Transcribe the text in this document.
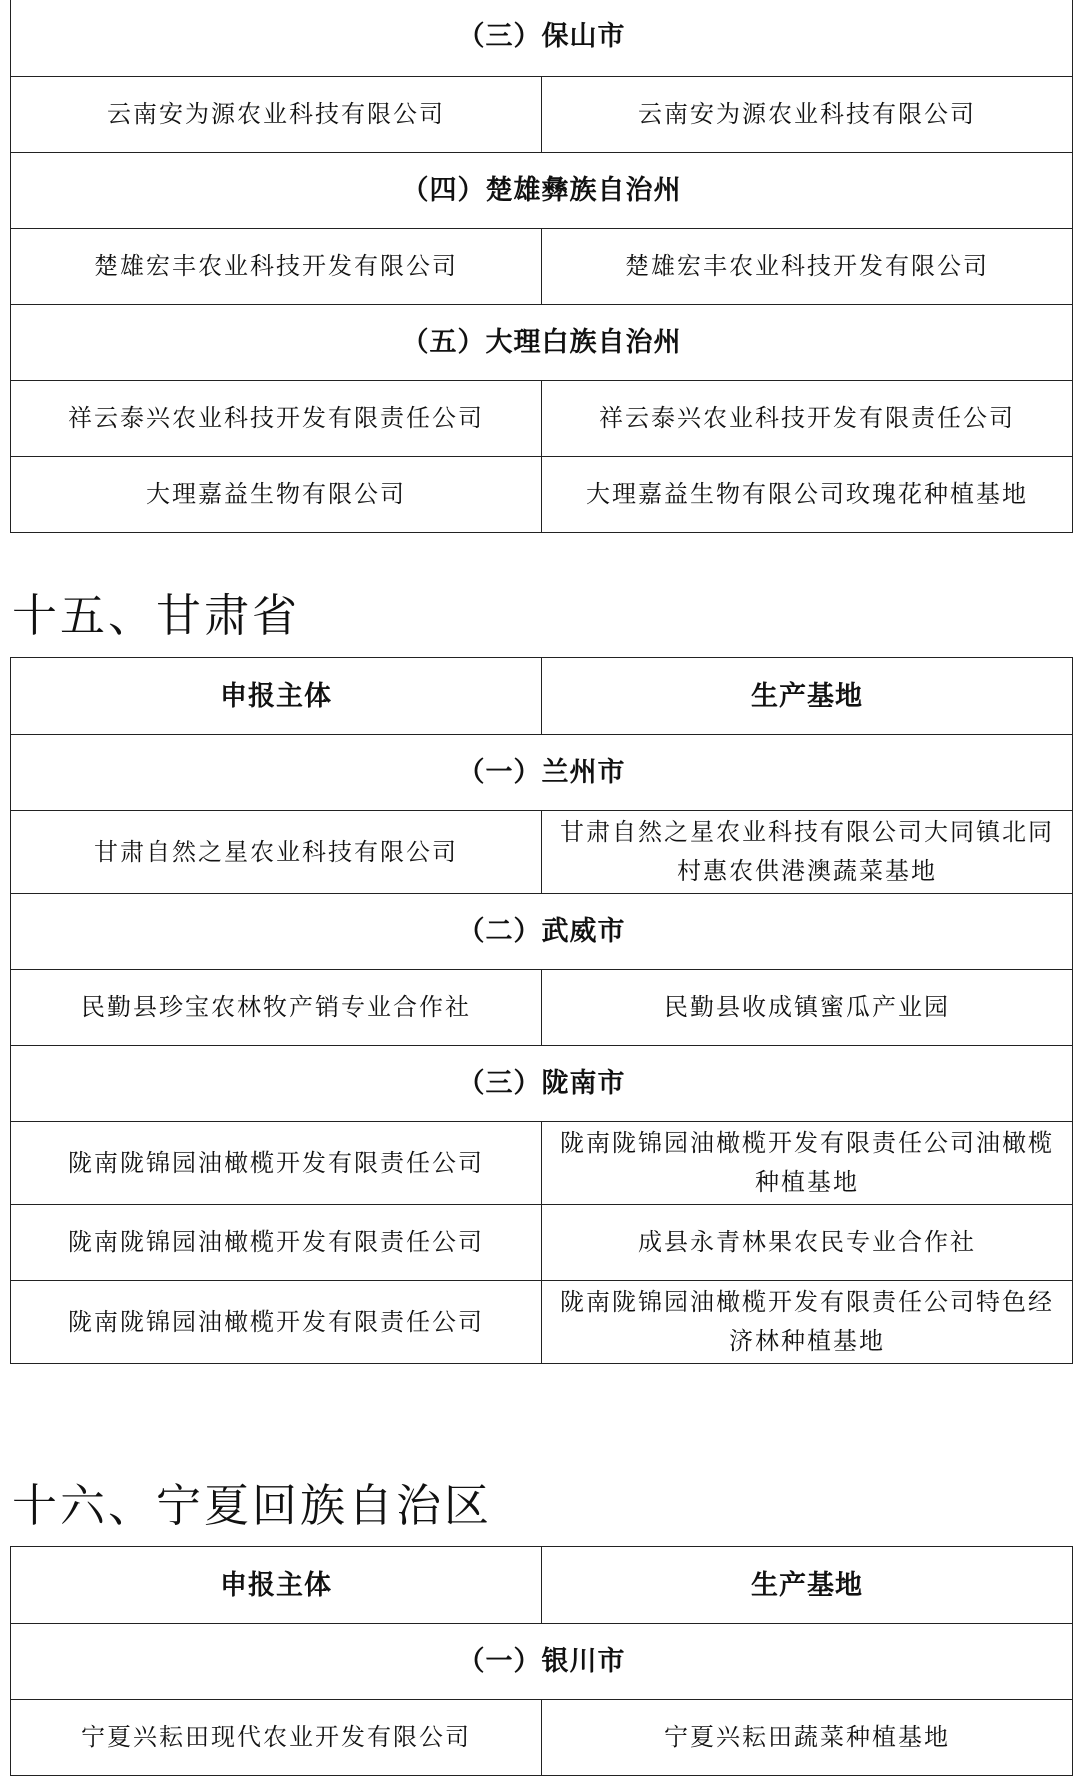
（三）保山市	
云南安为源农业科技有限公司	云南安为源农业科技有限公司
（四）楚雄彝族自治州	
楚雄宏丰农业科技开发有限公司	楚雄宏丰农业科技开发有限公司
（五）大理白族自治州	
祥云泰兴农业科技开发有限责任公司	祥云泰兴农业科技开发有限责任公司
大理嘉益生物有限公司	大理嘉益生物有限公司玫瑰花种植基地
十五、甘肃省
申报主体	生产基地
（一）兰州市	
甘肃自然之星农业科技有限公司	甘肃自然之星农业科技有限公司大同镇北同村惠农供港澳蔬菜基地
（二）武威市	
民勤县珍宝农林牧产销专业合作社	民勤县收成镇蜜瓜产业园
（三）陇南市	
陇南陇锦园油橄榄开发有限责任公司	陇南陇锦园油橄榄开发有限责任公司油橄榄种植基地
陇南陇锦园油橄榄开发有限责任公司	成县永青林果农民专业合作社
陇南陇锦园油橄榄开发有限责任公司	陇南陇锦园油橄榄开发有限责任公司特色经济林种植基地
十六、宁夏回族自治区
申报主体	生产基地
（一）银川市	
宁夏兴耘田现代农业开发有限公司	宁夏兴耘田蔬菜种植基地
